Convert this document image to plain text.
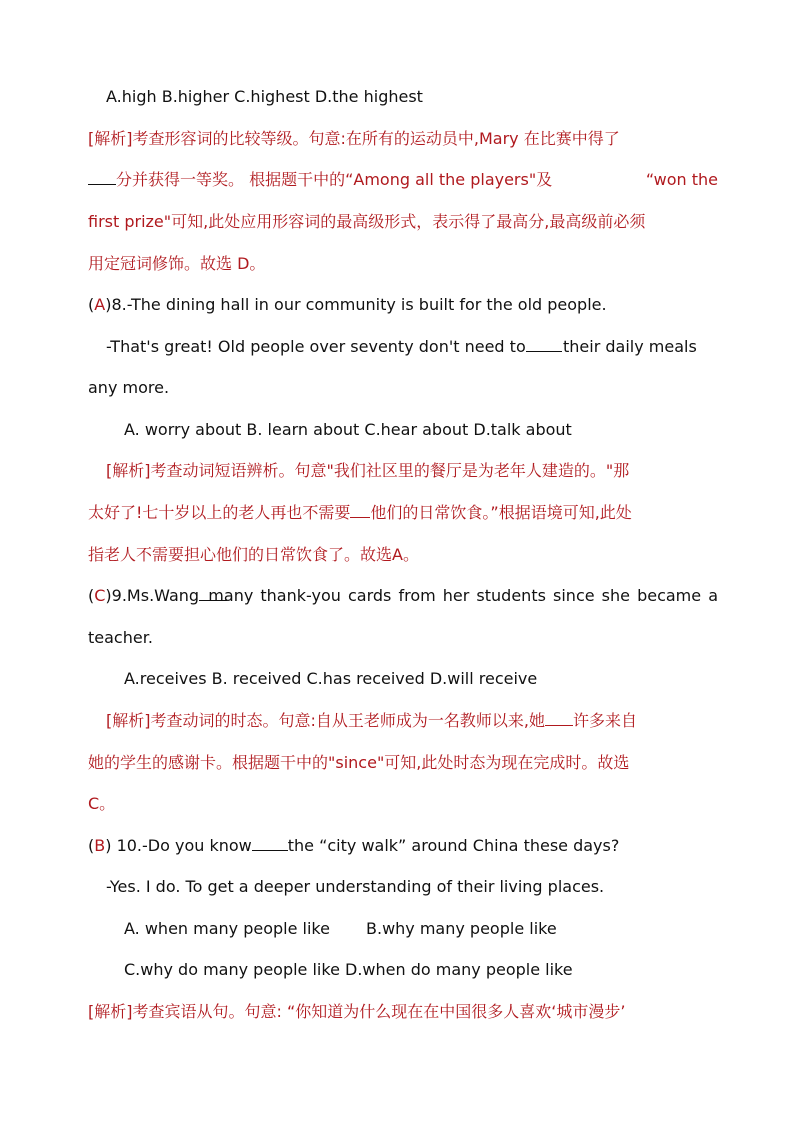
A.high B.higher C.highest D.the highest
[解析]考查形容词的比较等级。句意:在所有的运动员中,Mary 在比赛中得了
分并获得一等奖。 根据题干中的“Among all the players"及	“won the
first prize"可知,此处应用形容词的最高级形式，表示得了最高分,最高级前必须
用定冠词修饰。故选 D。
(A)8.-The dining hall in our community is built for the old people.
-That's great! Old people over seventy don't need to	their daily meals
any more.
A. worry about B. learn about C.hear about D.talk about
[解析]考查动词短语辨析。句意"我们社区里的餐厅是为老年人建造的。"那
太好了!七十岁以上的老人再也不需要 他们的日常饮食。”根据语境可知,此处
指老人不需要担心他们的日常饮食了。故选A。
(C)9.Ms.Wang many thank-you cards from her students since she became a
teacher.
A.receives B. received C.has received D.will receive
[解析]考查动词的时态。句意:自从王老师成为一名教师以来,她 许多来自
她的学生的感谢卡。根据题干中的"since"可知,此处时态为现在完成时。故选
C。
(B) 10.-Do you know the “city walk” around China these days?
-Yes. I do. To get a deeper understanding of their living places.
A. when many people like B.why many people like
C.why do many people like D.when do many people like
[解析]考查宾语从句。句意: “你知道为什么现在在中国很多人喜欢‘城市漫步’
